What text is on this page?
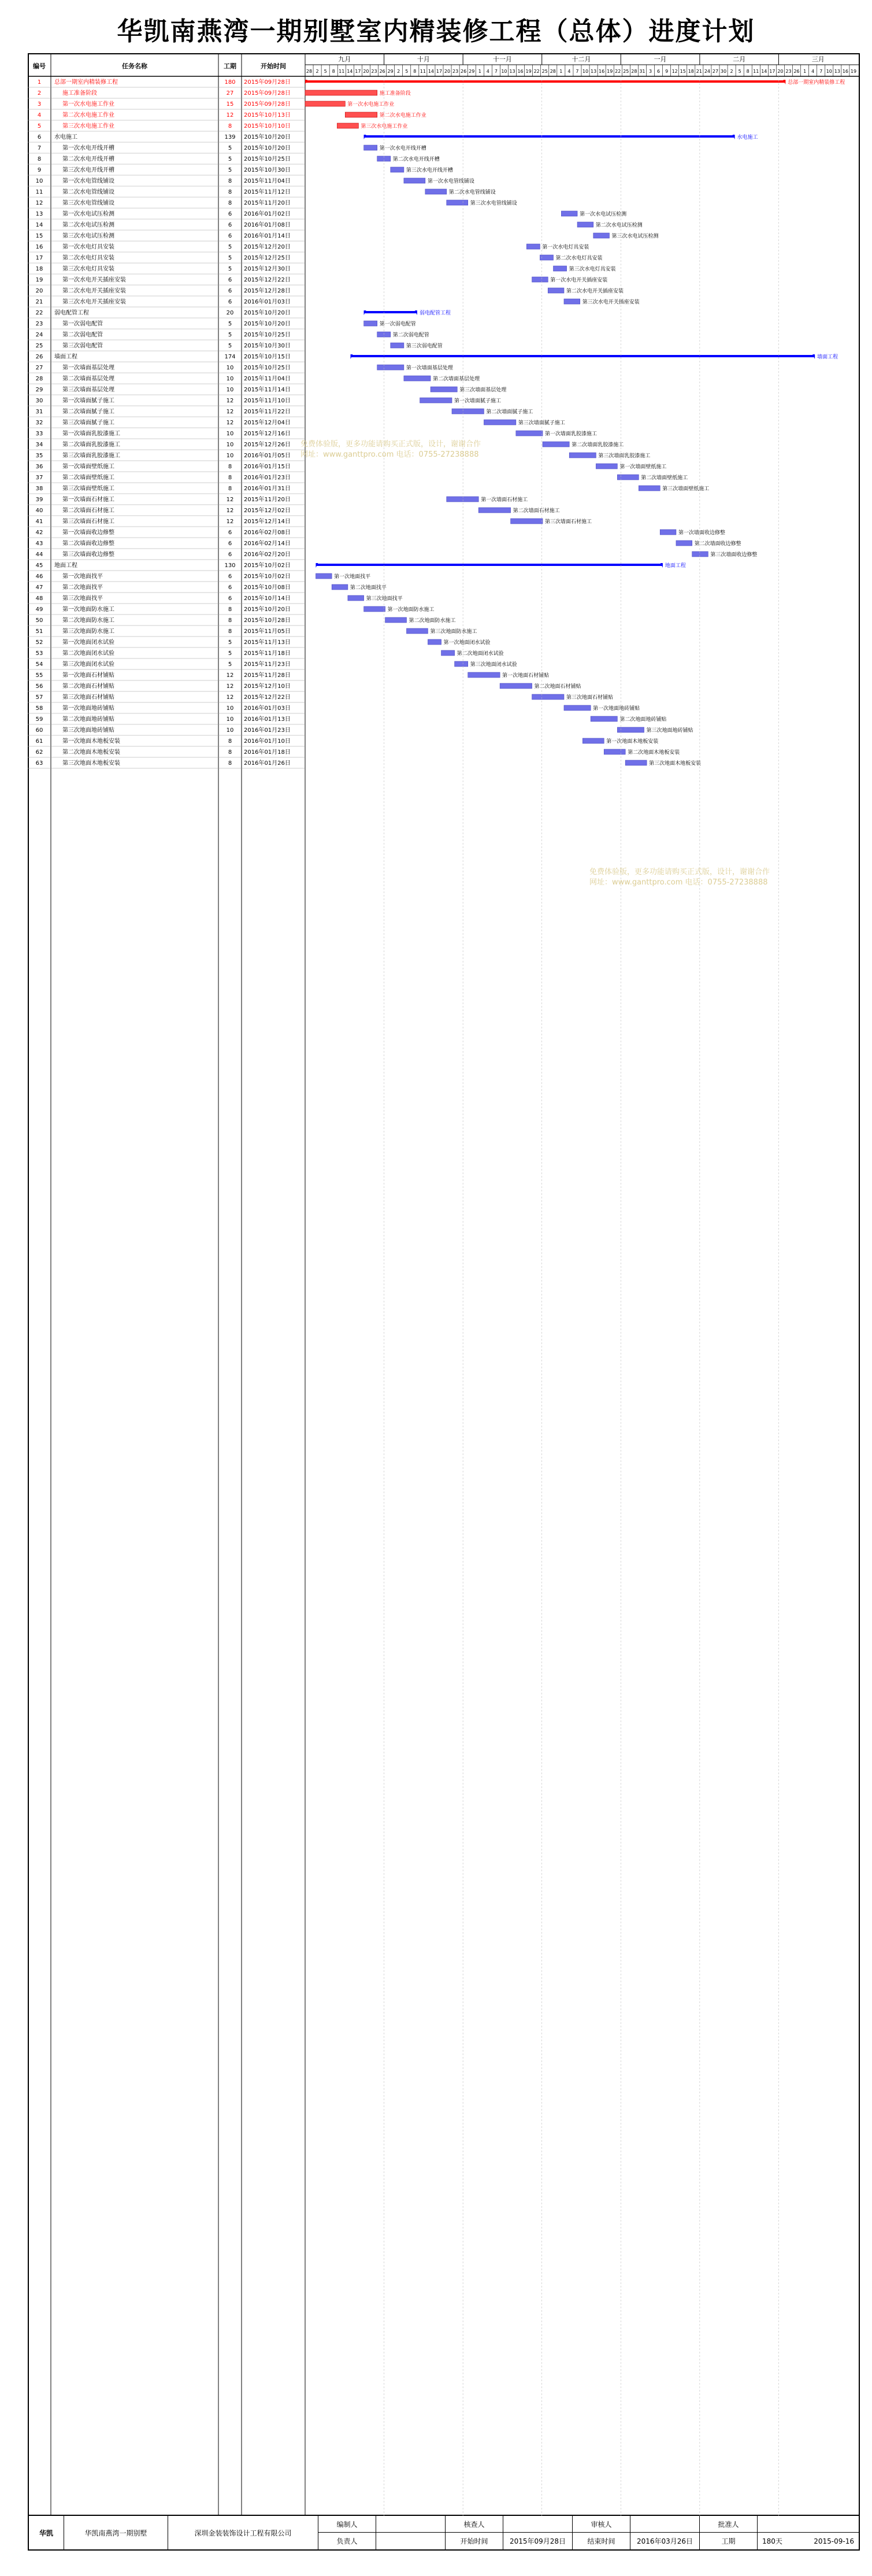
华凯南燕湾一期别墅室内精装修工程（总体）进度计划
编号	任务名称	工期	开始时间
九月	十月	十一月	十二月	一月	二月	三月
28 2 5 8 11 14 17 20 23 26 29 2 5 8 11 14 17 20 23 26 29 1 4 7 10 13 16 19 22 25 28 1 4 7 10 13 16 19 22 25 28 31 3 6 9 12 15 18 21 24 27 30 2 5 8 11 14 17 20 23 26 1 4 7 10 13 16 19
1 总部一期室内精装修工程	180 2015年09月28日	总部一期室内精装修工程
2	施工准备阶段	27 2015年09月28日	施工准备阶段
3	第一次水电施工作业	15 2015年09月28日	第一次水电施工作业
4	第二次水电施工作业	12 2015年10月13日	第二次水电施工作业
5	第三次水电施工作业	8 2015年10月10日	第三次水电施工作业
6 水电施工	139 2015年10月20日	水电施工
7	第一次水电开线开槽	5 2015年10月20日	第一次水电开线开槽
8	第二次水电开线开槽	5 2015年10月25日	第二次水电开线开槽
9	第三次水电开线开槽	5 2015年10月30日	第三次水电开线开槽
10	第一次水电管线铺设	8 2015年11月04日	第一次水电管线铺设
11	第二次水电管线铺设	8 2015年11月12日	第二次水电管线铺设
12	第三次水电管线铺设	8 2015年11月20日	第三次水电管线铺设
13	第一次水电试压检测	6 2016年01月02日	第一次水电试压检测
14	第二次水电试压检测	6 2016年01月08日	第二次水电试压检测
15	第三次水电试压检测	6 2016年01月14日	第三次水电试压检测
16	第一次水电灯具安装	5 2015年12月20日	第一次水电灯具安装
17	第二次水电灯具安装	5 2015年12月25日	第二次水电灯具安装
18	第三次水电灯具安装	5 2015年12月30日	第三次水电灯具安装
19	第一次水电开关插座安装	6 2015年12月22日	第一次水电开关插座安装
20	第二次水电开关插座安装	6 2015年12月28日	第二次水电开关插座安装
21	第三次水电开关插座安装	6 2016年01月03日	第三次水电开关插座安装
22 弱电配管工程	20 2015年10月20日	弱电配管工程
23	第一次弱电配管	5 2015年10月20日	第一次弱电配管
24	第二次弱电配管	5 2015年10月25日	第二次弱电配管
25	第三次弱电配管	5 2015年10月30日	第三次弱电配管
26 墙面工程	174 2015年10月15日	墙面工程
27	第一次墙面基层处理	10 2015年10月25日	第一次墙面基层处理
28	第二次墙面基层处理	10 2015年11月04日	第二次墙面基层处理
29	第三次墙面基层处理	10 2015年11月14日	第三次墙面基层处理
30	第一次墙面腻子施工	12 2015年11月10日	第一次墙面腻子施工
31	第二次墙面腻子施工	12 2015年11月22日	第二次墙面腻子施工
32	第三次墙面腻子施工	12 2015年12月04日	第三次墙面腻子施工
33	第一次墙面乳胶漆施工	10 2015年12月16日	第一次墙面乳胶漆施工
34	第二次墙面乳胶漆施工	10 2015年12月26日	第二次墙面乳胶漆施工
35	第三次墙面乳胶漆施工	10 2016年01月05日	第三次墙面乳胶漆施工
36	第一次墙面壁纸施工	8 2016年01月15日	第一次墙面壁纸施工
37	第二次墙面壁纸施工	8 2016年01月23日	第二次墙面壁纸施工
38	第三次墙面壁纸施工	8 2016年01月31日	第三次墙面壁纸施工
39	第一次墙面石材施工	12 2015年11月20日	第一次墙面石材施工
40	第二次墙面石材施工	12 2015年12月02日	第二次墙面石材施工
41	第三次墙面石材施工	12 2015年12月14日	第三次墙面石材施工
42	第一次墙面收边修整	6 2016年02月08日	第一次墙面收边修整
43	第二次墙面收边修整	6 2016年02月14日	第二次墙面收边修整
44	第三次墙面收边修整	6 2016年02月20日	第三次墙面收边修整
45 地面工程	130 2015年10月02日	地面工程
46	第一次地面找平	6 2015年10月02日	第一次地面找平
47	第二次地面找平	6 2015年10月08日	第二次地面找平
48	第三次地面找平	6 2015年10月14日	第三次地面找平
49	第一次地面防水施工	8 2015年10月20日	第一次地面防水施工
50	第二次地面防水施工	8 2015年10月28日	第二次地面防水施工
51	第三次地面防水施工	8 2015年11月05日	第三次地面防水施工
52	第一次地面闭水试验	5 2015年11月13日	第一次地面闭水试验
53	第二次地面闭水试验	5 2015年11月18日	第二次地面闭水试验
54	第三次地面闭水试验	5 2015年11月23日	第三次地面闭水试验
55	第一次地面石材铺贴	12 2015年11月28日	第一次地面石材铺贴
56	第二次地面石材铺贴	12 2015年12月10日	第二次地面石材铺贴
57	第三次地面石材铺贴	12 2015年12月22日	第三次地面石材铺贴
58	第一次地面地砖铺贴	10 2016年01月03日	第一次地面地砖铺贴
59	第二次地面地砖铺贴	10 2016年01月13日	第二次地面地砖铺贴
60	第三次地面地砖铺贴	10 2016年01月23日	第三次地面地砖铺贴
61	第一次地面木地板安装	8 2016年01月10日	第一次地面木地板安装
62	第二次地面木地板安装	8 2016年01月18日	第二次地面木地板安装
63	第三次地面木地板安装	8 2016年01月26日	第三次地面木地板安装
华凯	华凯南燕湾一期别墅	深圳金装装饰设计工程有限公司
编制人
负责人
核查人
开始时间	2015年09月28日
审核人
结束时间	2016年03月26日
批准人
工期	180天	2015-09-16
免费体验版，更多功能请购买正式版，设计，谢谢合作
网址：www.ganttpro.com 电话：0755-27238888
免费体验版，更多功能请购买正式版，设计，谢谢合作
网址：www.ganttpro.com 电话：0755-27238888
